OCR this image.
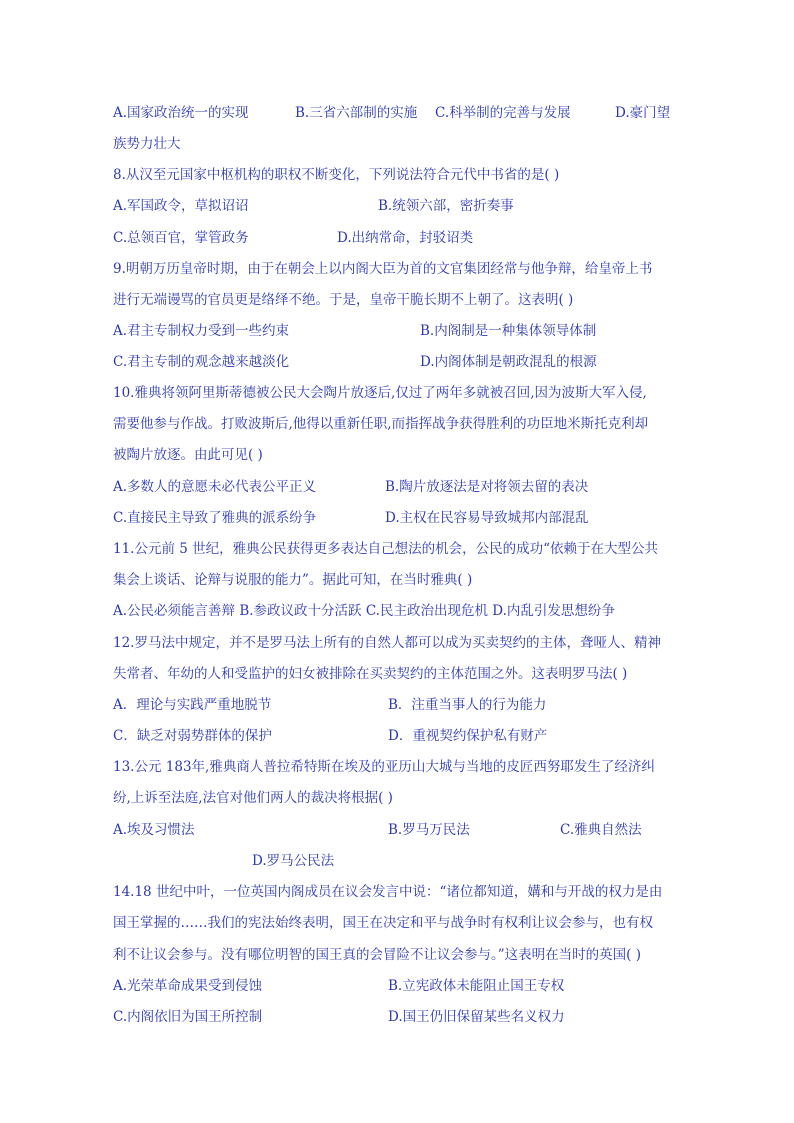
A.国家政治统一的实现	B.三省六部制的实施 C.科举制的完善与发展	D.豪门望
族势力壮大
8.从汉至元国家中枢机构的职权不断变化，下列说法符合元代中书省的是( )
A.军国政令，草拟诏诏	B.统领六部，密折奏事
C.总领百官，掌管政务	D.出纳常命，封驳诏类
9.明朝万历皇帝时期，由于在朝会上以内阁大臣为首的文官集团经常与他争辩，给皇帝上书
进行无端谩骂的官员更是络绎不绝。于是，皇帝干脆长期不上朝了。这表明( )
A.君主专制权力受到一些约束	B.内阁制是一种集体领导体制
C.君主专制的观念越来越淡化	D.内阁体制是朝政混乱的根源
10.雅典将领阿里斯蒂德被公民大会陶片放逐后,仅过了两年多就被召回,因为波斯大军入侵,
需要他参与作战。打败波斯后,他得以重新任职,而指挥战争获得胜利的功臣地米斯托克利却
被陶片放逐。由此可见( )
A.多数人的意愿未必代表公平正义	B.陶片放逐法是对将领去留的表决
C.直接民主导致了雅典的派系纷争	D.主权在民容易导致城邦内部混乱
11.公元前 5 世纪，雅典公民获得更多表达自己想法的机会，公民的成功“依赖于在大型公共
集会上谈话、论辩与说服的能力”。据此可知，在当时雅典( )
A.公民必须能言善辩 B.参政议政十分活跃 C.民主政治出现危机 D.内乱引发思想纷争
12.罗马法中规定，并不是罗马法上所有的自然人都可以成为买卖契约的主体，聋哑人、精神
失常者、年幼的人和受监护的妇女被排除在买卖契约的主体范围之外。这表明罗马法( )
A．理论与实践严重地脱节	B．注重当事人的行为能力
C．缺乏对弱势群体的保护	D．重视契约保护私有财产
13.公元 183年,雅典商人普拉希特斯在埃及的亚历山大城与当地的皮匠西努耶发生了经济纠
纷,上诉至法庭,法官对他们两人的裁决将根据( )
A.埃及习惯法	B.罗马万民法	C.雅典自然法
D.罗马公民法
14.18 世纪中叶，一位英国内阁成员在议会发言中说：“诸位都知道，媾和与开战的权力是由
国王掌握的……我们的宪法始终表明，国王在决定和平与战争时有权利让议会参与，也有权
利不让议会参与。没有哪位明智的国王真的会冒险不让议会参与。”这表明在当时的英国( )
A.光荣革命成果受到侵蚀	B.立宪政体未能阻止国王专权
C.内阁依旧为国王所控制	D.国王仍旧保留某些名义权力
